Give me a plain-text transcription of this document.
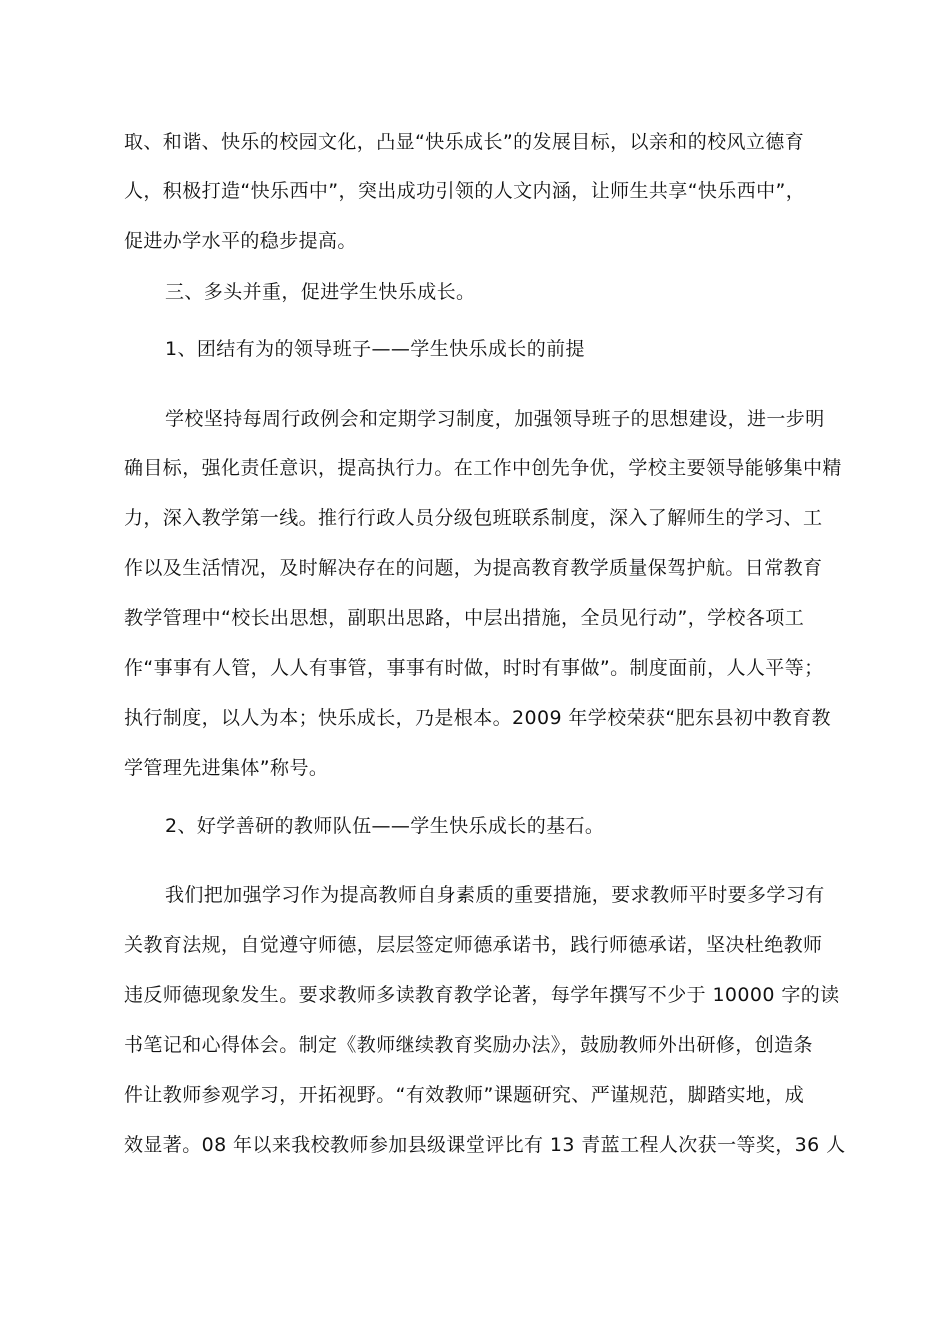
取、和谐、快乐的校园文化，凸显“快乐成长”的发展目标，以亲和的校风立德育
人，积极打造“快乐西中”，突出成功引领的人文内涵，让师生共享“快乐西中”，
促进办学水平的稳步提高。
三、多头并重，促进学生快乐成长。
1、团结有为的领导班子——学生快乐成长的前提
学校坚持每周行政例会和定期学习制度，加强领导班子的思想建设，进一步明
确目标，强化责任意识，提高执行力。在工作中创先争优，学校主要领导能够集中精
力，深入教学第一线。推行行政人员分级包班联系制度，深入了解师生的学习、工
作以及生活情况，及时解决存在的问题，为提高教育教学质量保驾护航。日常教育
教学管理中“校长出思想，副职出思路，中层出措施，全员见行动”，学校各项工
作“事事有人管，人人有事管，事事有时做，时时有事做”。制度面前，人人平等；
执行制度，以人为本；快乐成长，乃是根本。2009 年学校荣获“肥东县初中教育教
学管理先进集体”称号。
2、好学善研的教师队伍——学生快乐成长的基石。
我们把加强学习作为提高教师自身素质的重要措施，要求教师平时要多学习有
关教育法规，自觉遵守师德，层层签定师德承诺书，践行师德承诺，坚决杜绝教师
违反师德现象发生。要求教师多读教育教学论著，每学年撰写不少于 10000 字的读
书笔记和心得体会。制定《教师继续教育奖励办法》，鼓励教师外出研修，创造条
件让教师参观学习，开拓视野。“有效教师”课题研究、严谨规范，脚踏实地，成
效显著。08 年以来我校教师参加县级课堂评比有 13 青蓝工程人次获一等奖，36 人
